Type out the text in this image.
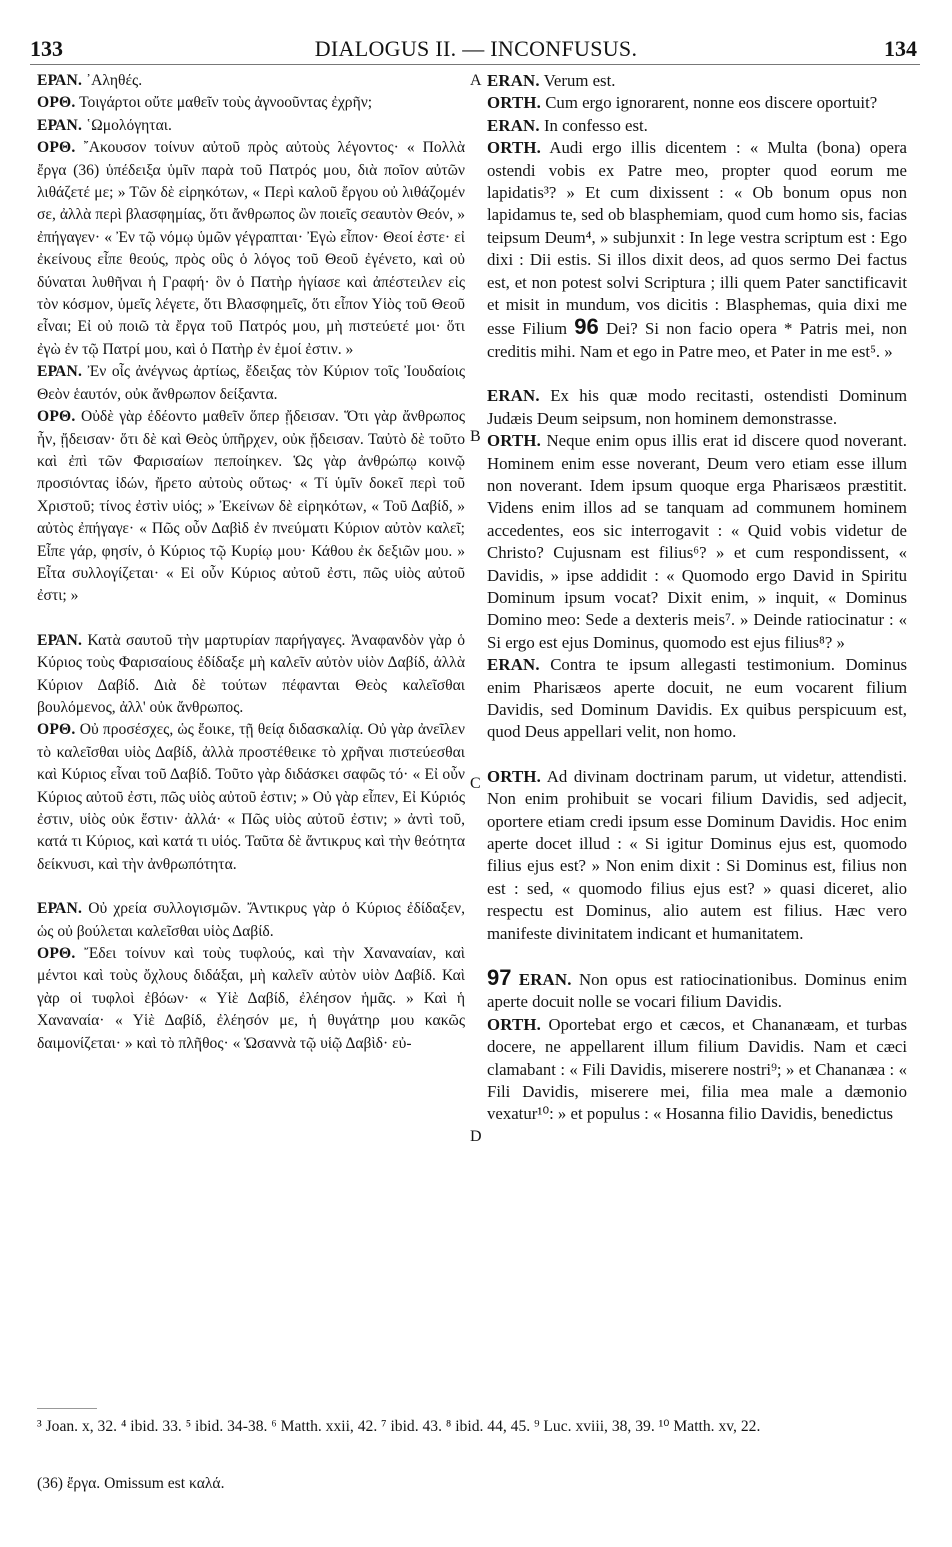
133	DIALOGUS II. — INCONFUSUS.	134
A
B
C
D

ΕΡΑΝ. ᾿Αληθές.

ΟΡΘ. Τοιγάρτοι οὔτε μαθεῖν τοὺς ἀγνοοῦντας ἐχρῆν;

ΕΡΑΝ. ῾Ωμολόγηται.

ΟΡΘ. ῎Ακουσον τοίνυν αὐτοῦ πρὸς αὐτοὺς λέγοντος· « Πολλὰ ἔργα (36) ὑπέδειξα ὑμῖν παρὰ τοῦ Πατρός μου, διὰ ποῖον αὐτῶν λιθάζετέ με; » Τῶν δὲ εἰρηκότων, « Περὶ καλοῦ ἔργου οὐ λιθάζομέν σε, ἀλλὰ περὶ βλασφημίας, ὅτι ἄνθρωπος ὢν ποιεῖς σεαυτὸν Θεόν, » ἐπήγαγεν· « Ἐν τῷ νόμῳ ὑμῶν γέγραπται· Ἐγὼ εἶπον· Θεοί ἐστε· εἰ ἐκείνους εἶπε θεούς, πρὸς οὓς ὁ λόγος τοῦ Θεοῦ ἐγένετο, καὶ οὐ δύναται λυθῆναι ἡ Γραφή· ὃν ὁ Πατὴρ ἡγίασε καὶ ἀπέστειλεν εἰς τὸν κόσμον, ὑμεῖς λέγετε, ὅτι Βλασφημεῖς, ὅτι εἶπον Υἱὸς τοῦ Θεοῦ εἶναι; Εἰ οὐ ποιῶ τὰ ἔργα τοῦ Πατρός μου, μὴ πιστεύετέ μοι· ὅτι ἐγὼ ἐν τῷ Πατρί μου, καὶ ὁ Πατὴρ ἐν ἐμοί ἐστιν. »

ΕΡΑΝ. Ἐν οἷς ἀνέγνως ἀρτίως, ἔδειξας τὸν Κύριον τοῖς Ἰουδαίοις Θεὸν ἑαυτόν, οὐκ ἄνθρωπον δείξαντα.

ΟΡΘ. Οὐδὲ γὰρ ἐδέοντο μαθεῖν ὅπερ ᾔδεισαν. Ὅτι γὰρ ἄνθρωπος ἦν, ᾔδεισαν· ὅτι δὲ καὶ Θεὸς ὑπῆρχεν, οὐκ ᾔδεισαν. Ταὐτὸ δὲ τοῦτο καὶ ἐπὶ τῶν Φαρισαίων πεποίηκεν. Ὡς γὰρ ἀνθρώπῳ κοινῷ προσιόντας ἰδών, ἤρετο αὐτοὺς οὕτως· « Τί ὑμῖν δοκεῖ περὶ τοῦ Χριστοῦ; τίνος ἐστὶν υἱός; » Ἐκείνων δὲ εἰρηκότων, « Τοῦ Δαβίδ, » αὐτὸς ἐπήγαγε· « Πῶς οὖν Δαβὶδ ἐν πνεύματι Κύριον αὐτὸν καλεῖ; Εἶπε γάρ, φησίν, ὁ Κύριος τῷ Κυρίῳ μου· Κάθου ἐκ δεξιῶν μου. » Εἶτα συλλογίζεται· « Εἰ οὖν Κύριος αὐτοῦ ἐστι, πῶς υἱὸς αὐτοῦ ἐστι; »

ΕΡΑΝ. Κατὰ σαυτοῦ τὴν μαρτυρίαν παρήγαγες. Ἀναφανδὸν γὰρ ὁ Κύριος τοὺς Φαρισαίους ἐδίδαξε μὴ καλεῖν αὐτὸν υἱὸν Δαβίδ, ἀλλὰ Κύριον Δαβίδ. Διὰ δὲ τούτων πέφανται Θεὸς καλεῖσθαι βουλόμενος, ἀλλ' οὐκ ἄνθρωπος.

ΟΡΘ. Οὐ προσέσχες, ὡς ἔοικε, τῇ θείᾳ διδασκαλίᾳ. Οὐ γὰρ ἀνεῖλεν τὸ καλεῖσθαι υἱὸς Δαβίδ, ἀλλὰ προστέθεικε τὸ χρῆναι πιστεύεσθαι καὶ Κύριος εἶναι τοῦ Δαβίδ. Τοῦτο γὰρ διδάσκει σαφῶς τό· « Εἰ οὖν Κύριος αὐτοῦ ἐστι, πῶς υἱὸς αὐτοῦ ἐστιν; » Οὐ γὰρ εἶπεν, Εἰ Κύριός ἐστιν, υἱὸς οὐκ ἔστιν· ἀλλά· « Πῶς υἱὸς αὐτοῦ ἐστιν; » ἀντὶ τοῦ, κατά τι Κύριος, καὶ κατά τι υἱός. Ταῦτα δὲ ἄντικρυς καὶ τὴν θεότητα δείκνυσι, καὶ τὴν ἀνθρωπότητα.

ΕΡΑΝ. Οὐ χρεία συλλογισμῶν. Ἄντικρυς γὰρ ὁ Κύριος ἐδίδαξεν, ὡς οὐ βούλεται καλεῖσθαι υἱὸς Δαβίδ.

ΟΡΘ. Ἔδει τοίνυν καὶ τοὺς τυφλούς, καὶ τὴν Χαναναίαν, καὶ μέντοι καὶ τοὺς ὄχλους διδάξαι, μὴ καλεῖν αὐτὸν υἱὸν Δαβίδ. Καὶ γὰρ οἱ τυφλοὶ ἐβόων· « Υἱὲ Δαβίδ, ἐλέησον ἡμᾶς. » Καὶ ἡ Χαναναία· « Υἱὲ Δαβίδ, ἐλέησόν με, ἡ θυγάτηρ μου κακῶς δαιμονίζεται· » καὶ τὸ πλῆθος· « Ὡσαννὰ τῷ υἱῷ Δαβὶδ· εὐ-

ERAN. Verum est.

ORTH. Cum ergo ignorarent, nonne eos discere oportuit?

ERAN. In confesso est.

ORTH. Audi ergo illis dicentem : « Multa (bona) opera ostendi vobis ex Patre meo, propter quod eorum me lapidatis³? » Et cum dixissent : « Ob bonum opus non lapidamus te, sed ob blasphemiam, quod cum homo sis, facias teipsum Deum⁴, » subjunxit : In lege vestra scriptum est : Ego dixi : Dii estis. Si illos dixit deos, ad quos sermo Dei factus est, et non potest solvi Scriptura ; illi quem Pater sanctificavit et misit in mundum, vos dicitis : Blasphemas, quia dixi me esse Filium 96 Dei? Si non facio opera * Patris mei, non creditis mihi. Nam et ego in Patre meo, et Pater in me est⁵. »

ERAN. Ex his quæ modo recitasti, ostendisti Dominum Judæis Deum seipsum, non hominem demonstrasse.

ORTH. Neque enim opus illis erat id discere quod noverant. Hominem enim esse noverant, Deum vero etiam esse illum non noverant. Idem ipsum quoque erga Pharisæos præstitit. Videns enim illos ad se tanquam ad communem hominem accedentes, eos sic interrogavit : « Quid vobis videtur de Christo? Cujusnam est filius⁶? » et cum respondissent, « Davidis, » ipse addidit : « Quomodo ergo David in Spiritu Dominum ipsum vocat? Dixit enim, » inquit, « Dominus Domino meo: Sede a dexteris meis⁷. » Deinde ratiocinatur : « Si ergo est ejus Dominus, quomodo est ejus filius⁸? »

ERAN. Contra te ipsum allegasti testimonium. Dominus enim Pharisæos aperte docuit, ne eum vocarent filium Davidis, sed Dominum Davidis. Ex quibus perspicuum est, quod Deus appellari velit, non homo.

ORTH. Ad divinam doctrinam parum, ut videtur, attendisti. Non enim prohibuit se vocari filium Davidis, sed adjecit, oportere etiam credi ipsum esse Dominum Davidis. Hoc enim aperte docet illud : « Si igitur Dominus ejus est, quomodo filius ejus est? » Non enim dixit : Si Dominus est, filius non est : sed, « quomodo filius ejus est? » quasi diceret, alio respectu est Dominus, alio autem est filius. Hæc vero manifeste divinitatem indicant et humanitatem.

97 ERAN. Non opus est ratiocinationibus. Dominus enim aperte docuit nolle se vocari filium Davidis.

ORTH. Oportebat ergo et cæcos, et Chananæam, et turbas docere, ne appellarent illum filium Davidis. Nam et cæci clamabant : « Fili Davidis, miserere nostri⁹; » et Chananæa : « Fili Davidis, miserere mei, filia mea male a dæmonio vexatur¹⁰: » et populus : « Hosanna filio Davidis, benedictus

³ Joan. x, 32. ⁴ ibid. 33. ⁵ ibid. 34-38. ⁶ Matth. xxii, 42. ⁷ ibid. 43. ⁸ ibid. 44, 45. ⁹ Luc. xviii, 38, 39. ¹⁰ Matth. xv, 22.
(36) ἔργα. Omissum est καλά.
